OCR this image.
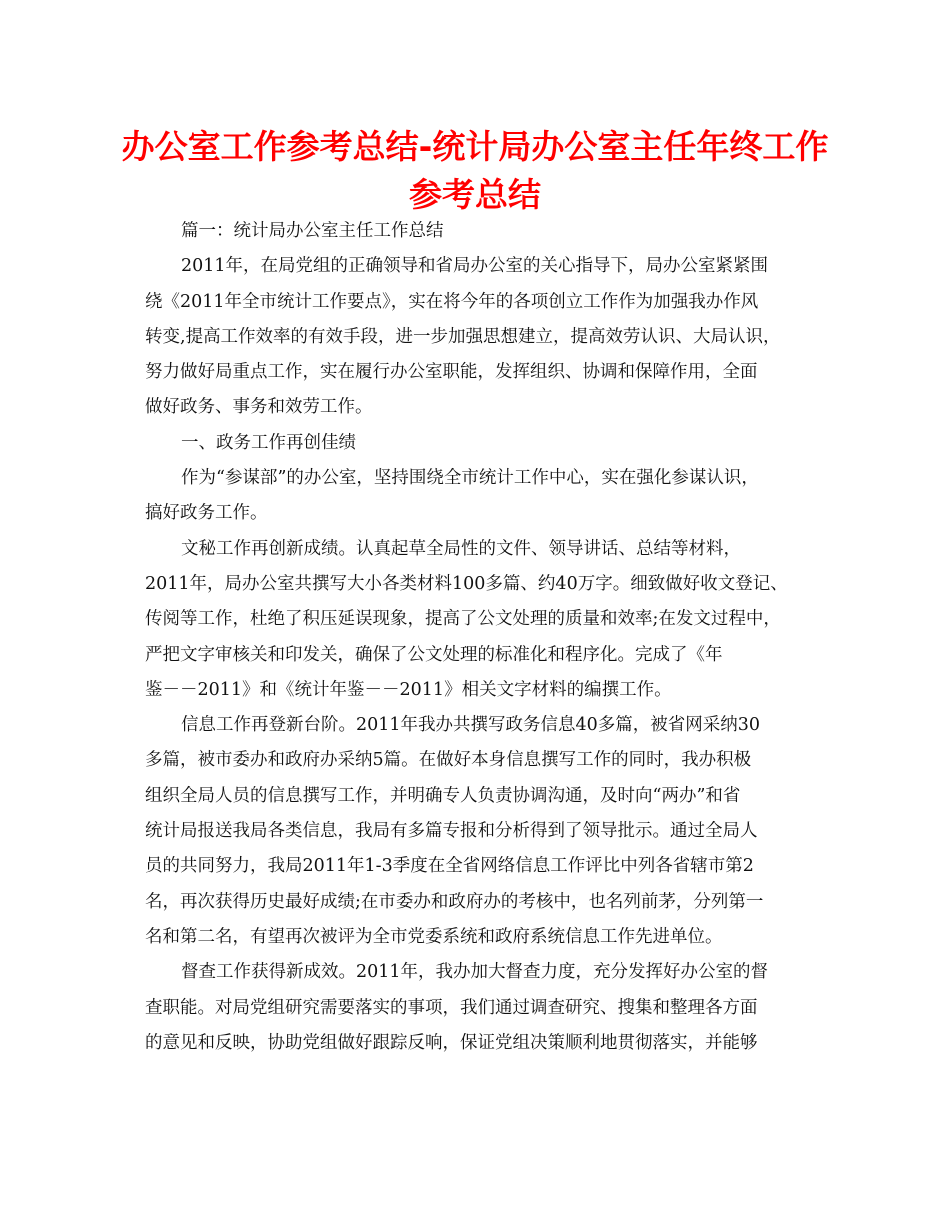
办公室工作参考总结-统计局办公室主任年终工作
参考总结
篇一：统计局办公室主任工作总结
2011年，在局党组的正确领导和省局办公室的关心指导下，局办公室紧紧围
绕《2011年全市统计工作要点》，实在将今年的各项创立工作作为加强我办作风
转变,提高工作效率的有效手段，进一步加强思想建立，提高效劳认识、大局认识，
努力做好局重点工作，实在履行办公室职能，发挥组织、协调和保障作用，全面
做好政务、事务和效劳工作。
一、政务工作再创佳绩
作为“参谋部”的办公室，坚持围绕全市统计工作中心，实在强化参谋认识，
搞好政务工作。
文秘工作再创新成绩。认真起草全局性的文件、领导讲话、总结等材料，
2011年，局办公室共撰写大小各类材料100多篇、约40万字。细致做好收文登记、
传阅等工作，杜绝了积压延误现象，提高了公文处理的质量和效率;在发文过程中，
严把文字审核关和印发关，确保了公文处理的标准化和程序化。完成了《年
鉴－－2011》和《统计年鉴－－2011》相关文字材料的编撰工作。
信息工作再登新台阶。2011年我办共撰写政务信息40多篇，被省网采纳30
多篇，被市委办和政府办采纳5篇。在做好本身信息撰写工作的同时，我办积极
组织全局人员的信息撰写工作，并明确专人负责协调沟通，及时向“两办”和省
统计局报送我局各类信息，我局有多篇专报和分析得到了领导批示。通过全局人
员的共同努力，我局2011年1-3季度在全省网络信息工作评比中列各省辖市第2
名，再次获得历史最好成绩;在市委办和政府办的考核中，也名列前茅，分列第一
名和第二名，有望再次被评为全市党委系统和政府系统信息工作先进单位。
督查工作获得新成效。2011年，我办加大督查力度，充分发挥好办公室的督
查职能。对局党组研究需要落实的事项，我们通过调查研究、搜集和整理各方面
的意见和反映，协助党组做好跟踪反响，保证党组决策顺利地贯彻落实，并能够
